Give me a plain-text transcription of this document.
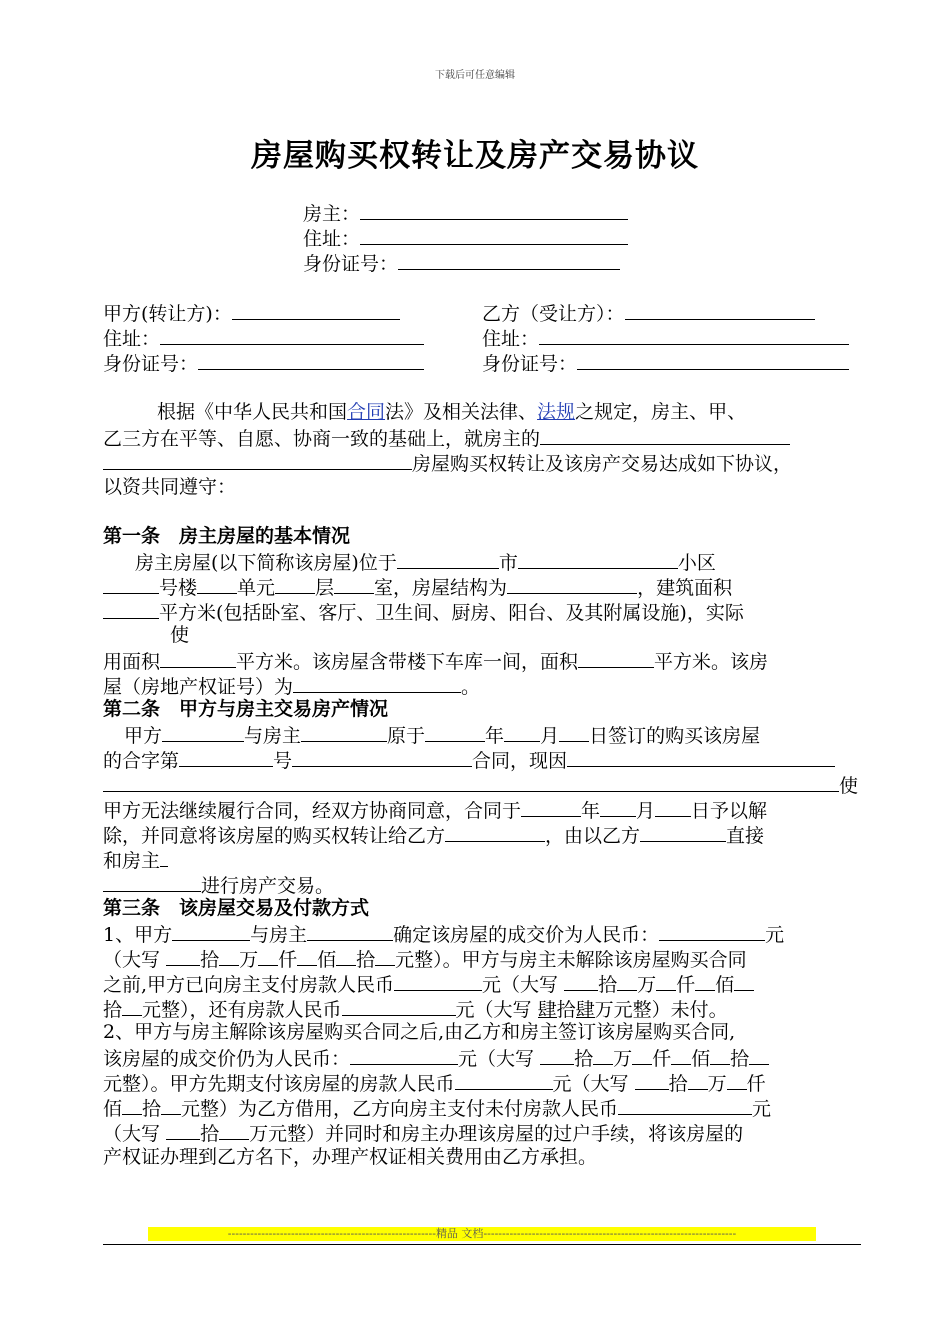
下载后可任意编辑
房屋购买权转让及房产交易协议
房主：
住址：
身份证号：
甲方(转让方)：
住址：
身份证号：
乙方（受让方）：
住址：
身份证号：
根据《中华人民共和国合同法》及相关法律、法规之规定，房主、甲、
乙三方在平等、自愿、协商一致的基础上，就房主的
房屋购买权转让及该房产交易达成如下协议，
以资共同遵守：
第一条　房主房屋的基本情况
房主房屋(以下简称该房屋)位于	市	小区
号楼 单元 层 室，房屋结构为	，建筑面积
平方米(包括卧室、客厅、卫生间、厨房、阳台、及其附属设施)，实际
使
用面积	平方米。该房屋含带楼下车库一间，面积	平方米。该房
屋（房地产权证号）为	。
第二条　甲方与房主交易房产情况
甲方	与房主	原于	年 月 日签订的购买该房屋
的合字第	号	合同，现因
使
甲方无法继续履行合同，经双方协商同意，合同于	年 月 日予以解
除，并同意将该房屋的购买权转让给乙方	，由以乙方	直接
和房主
进行房产交易。
第三条　该房屋交易及付款方式
1、甲方	与房主	确定该房屋的成交价为人民币：	元
（大写 拾 万 仟 佰 拾 元整）。甲方与房主未解除该房屋购买合同
之前,甲方已向房主支付房款人民币	元（大写 拾 万 仟 佰
拾 元整），还有房款人民币	元（大写 肆拾肆万元整）未付。
2、甲方与房主解除该房屋购买合同之后,由乙方和房主签订该房屋购买合同,
该房屋的成交价仍为人民币：	元（大写 拾 万 仟 佰 拾
元整）。甲方先期支付该房屋的房款人民币	元（大写 拾 万 仟
佰 拾 元整）为乙方借用，乙方向房主支付未付房款人民币	元
（大写 拾 万元整）并同时和房主办理该房屋的过户手续，将该房屋的
产权证办理到乙方名下，办理产权证相关费用由乙方承担。
--------------------------------------------------------精品 文档--------------------------------------------------------------------
